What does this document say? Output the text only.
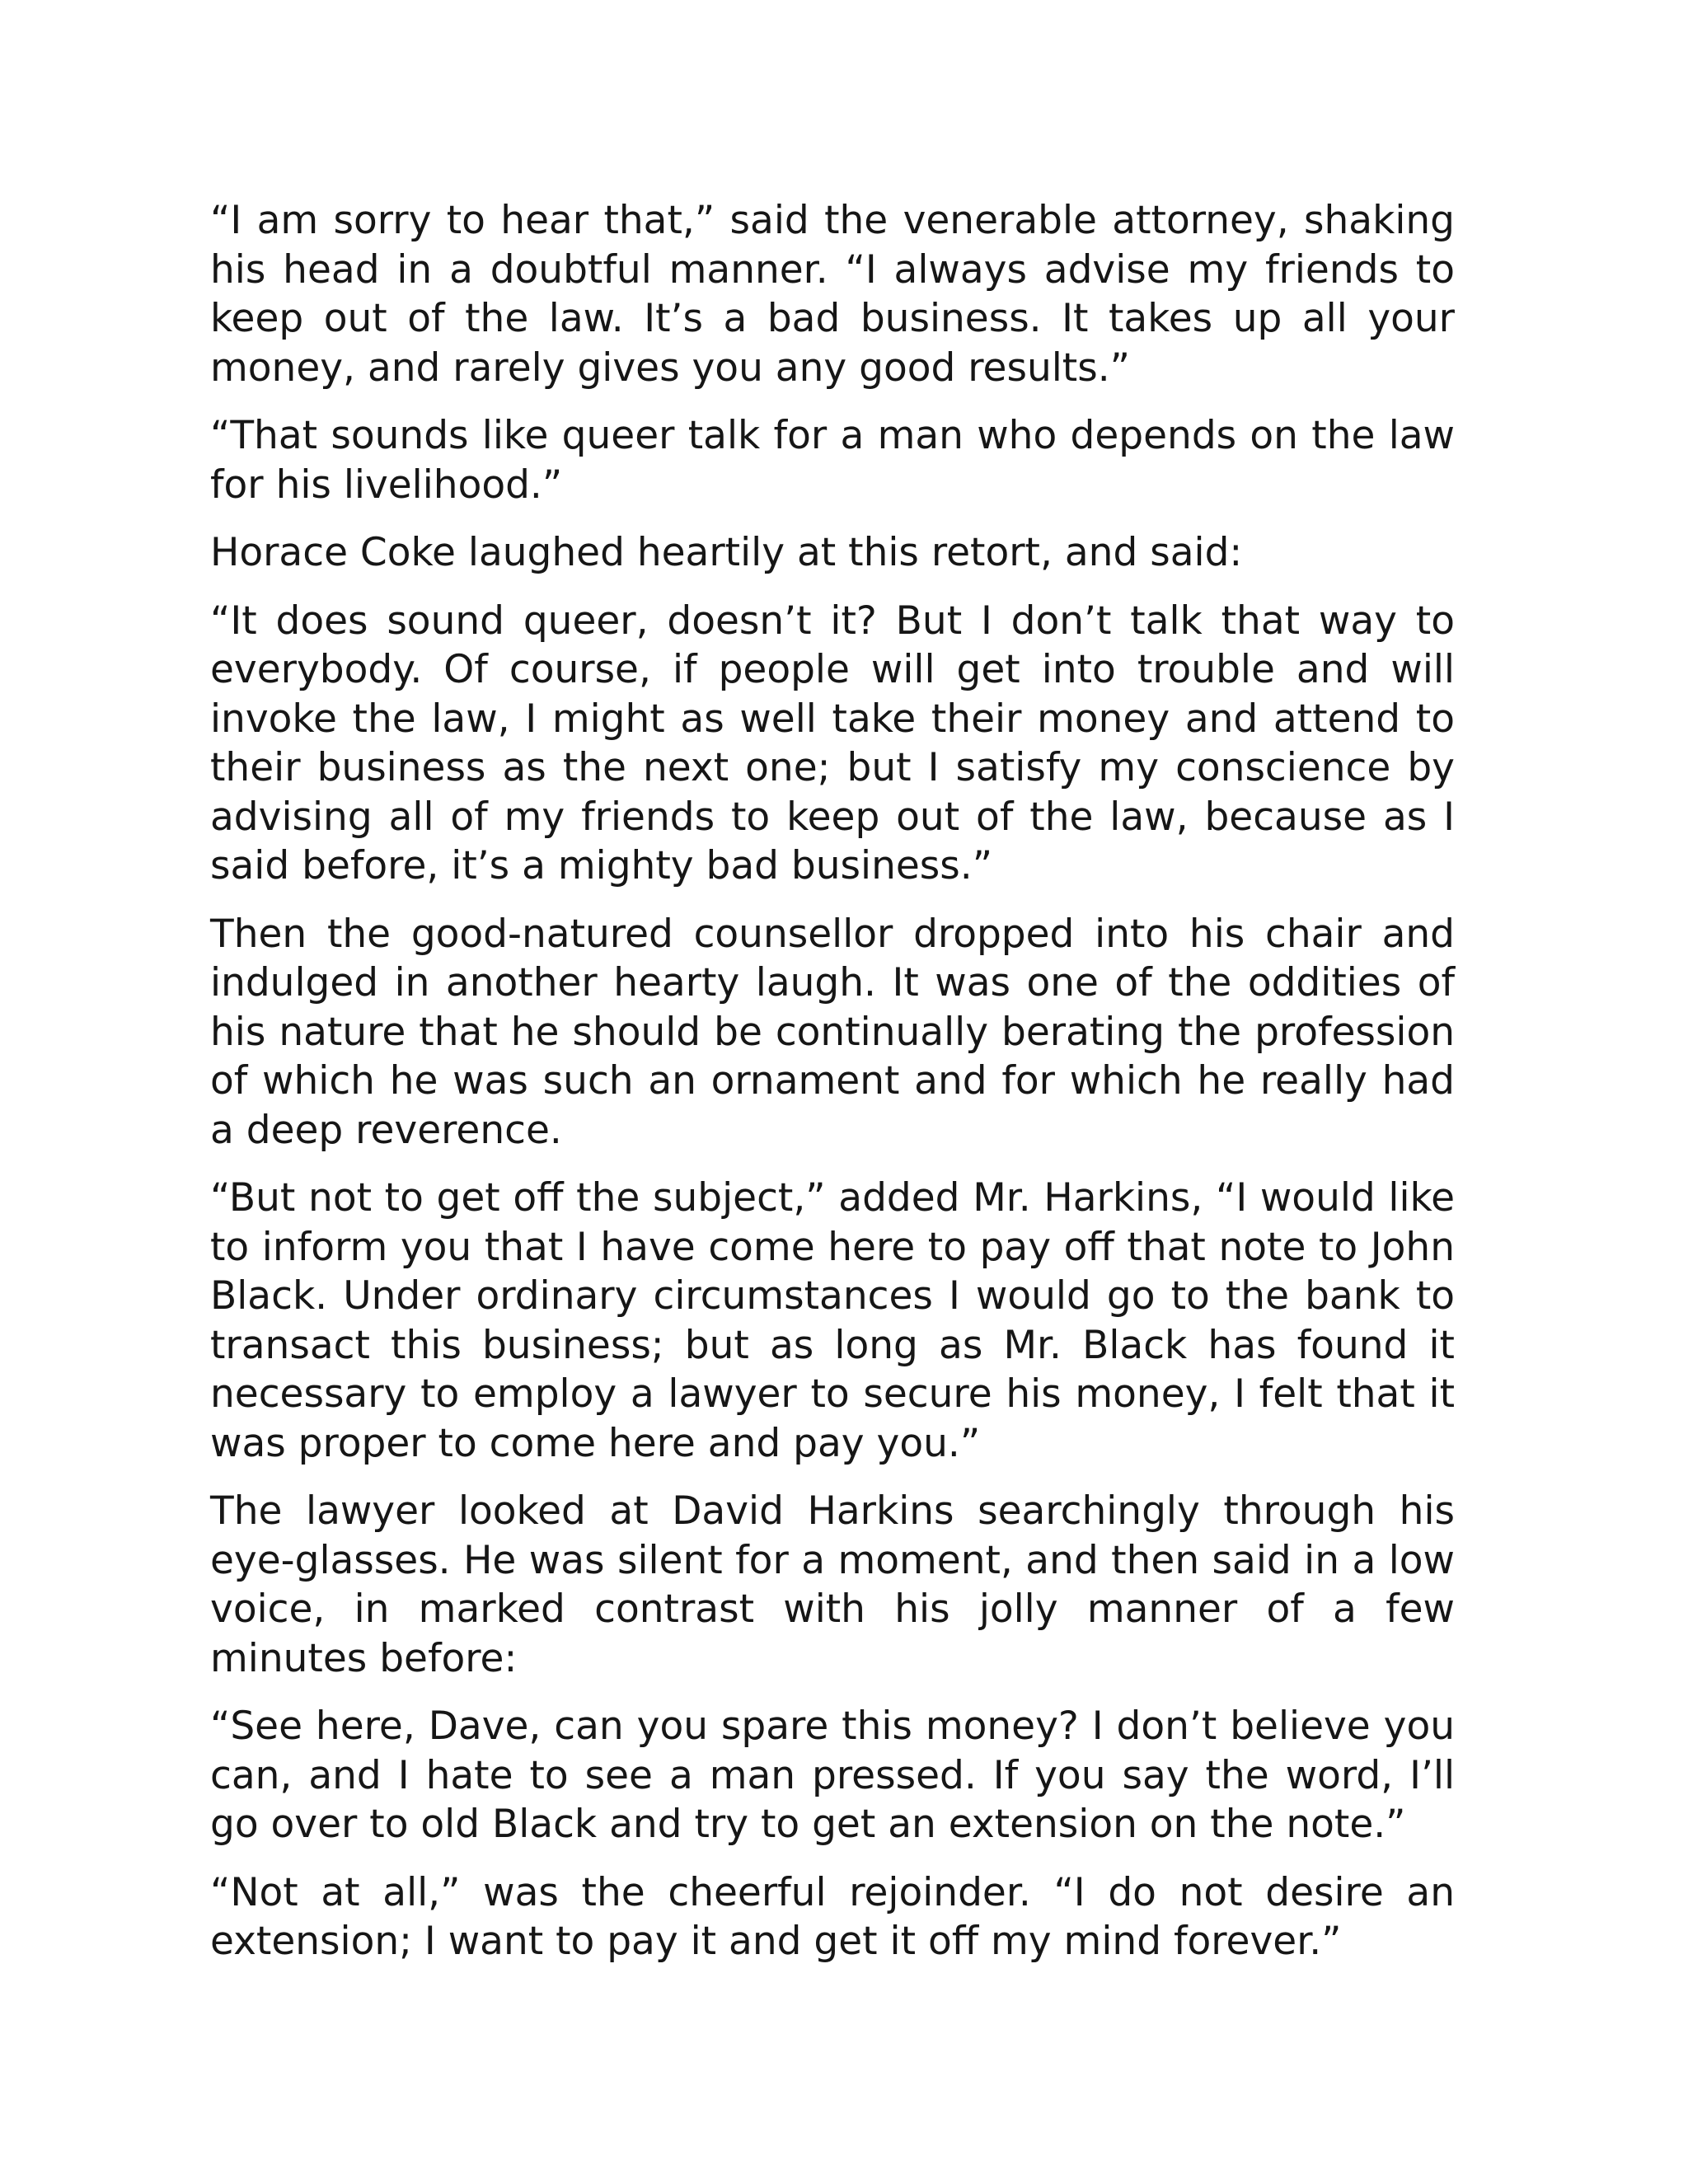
“I am sorry to hear that,” said the venerable attorney, shaking his head in a doubtful manner. “I always advise my friends to keep out of the law. It’s a bad business. It takes up all your money, and rarely gives you any good results.”

“That sounds like queer talk for a man who depends on the law for his livelihood.”

Horace Coke laughed heartily at this retort, and said:

“It does sound queer, doesn’t it? But I don’t talk that way to everybody. Of course, if people will get into trouble and will invoke the law, I might as well take their money and attend to their business as the next one; but I satisfy my conscience by advising all of my friends to keep out of the law, because as I said before, it’s a mighty bad business.”

Then the good-natured counsellor dropped into his chair and indulged in another hearty laugh. It was one of the oddities of his nature that he should be continually berating the profession of which he was such an ornament and for which he really had a deep reverence.

“But not to get off the subject,” added Mr. Harkins, “I would like to inform you that I have come here to pay off that note to John Black. Under ordinary circumstances I would go to the bank to transact this business; but as long as Mr. Black has found it necessary to employ a lawyer to secure his money, I felt that it was proper to come here and pay you.”

The lawyer looked at David Harkins searchingly through his eye-glasses. He was silent for a moment, and then said in a low voice, in marked contrast with his jolly manner of a few minutes before:

“See here, Dave, can you spare this money? I don’t believe you can, and I hate to see a man pressed. If you say the word, I’ll go over to old Black and try to get an extension on the note.”

“Not at all,” was the cheerful rejoinder. “I do not desire an extension; I want to pay it and get it off my mind forever.”
